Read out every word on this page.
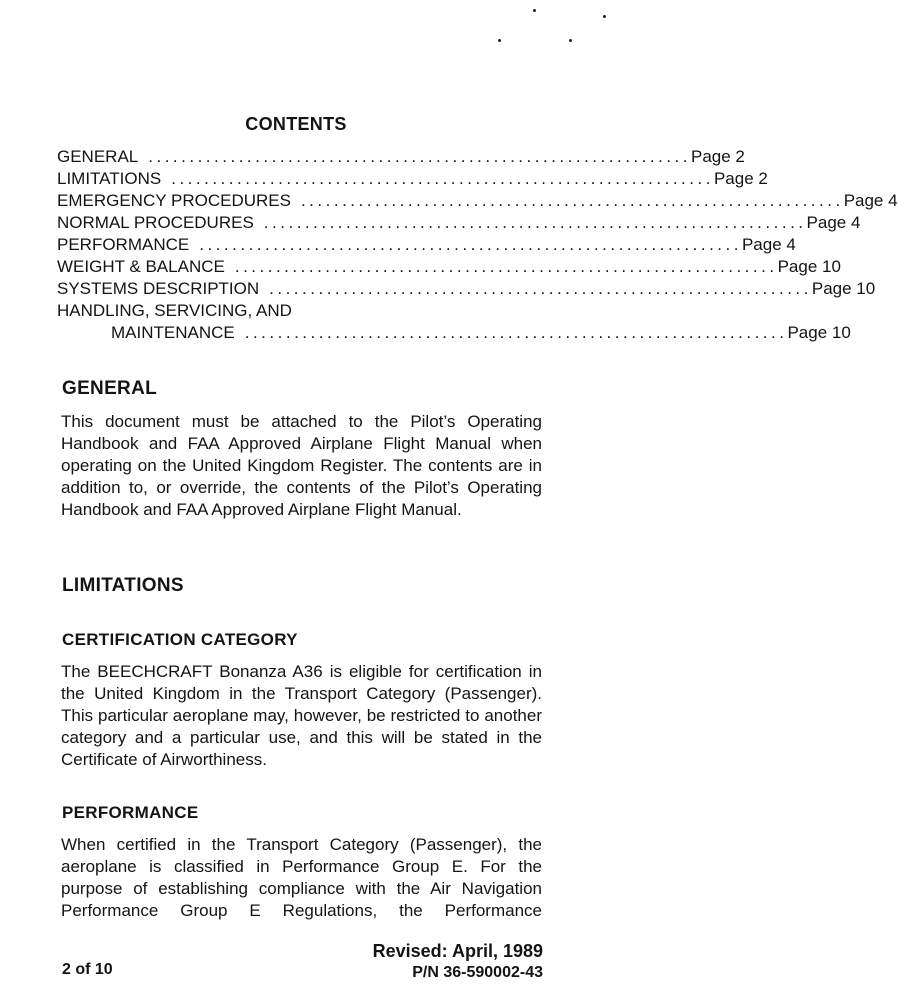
CONTENTS
GENERAL .................................................................. Page 2
LIMITATIONS .................................................................. Page 2
EMERGENCY PROCEDURES .................................................................. Page 4
NORMAL PROCEDURES .................................................................. Page 4
PERFORMANCE .................................................................. Page 4
WEIGHT & BALANCE .................................................................. Page 10
SYSTEMS DESCRIPTION .................................................................. Page 10
HANDLING, SERVICING, AND
MAINTENANCE .................................................................. Page 10
GENERAL

This document must be attached to the Pilot’s Operating Handbook and FAA Approved Airplane Flight Manual when operating on the United Kingdom Register. The contents are in addition to, or override, the contents of the Pilot’s Operating Handbook and FAA Approved Airplane Flight Manual.

LIMITATIONS
CERTIFICATION CATEGORY

The BEECHCRAFT Bonanza A36 is eligible for certification in the United Kingdom in the Transport Category (Passenger). This particular aeroplane may, however, be restricted to another category and a particular use, and this will be stated in the Certificate of Airworthiness.

PERFORMANCE

When certified in the Transport Category (Passenger), the aeroplane is classified in Performance Group E. For the purpose of establishing compliance with the Air Navigation Performance Group E Regulations, the Performance

2 of 10
Revised: April, 1989
P/N 36-590002-43
